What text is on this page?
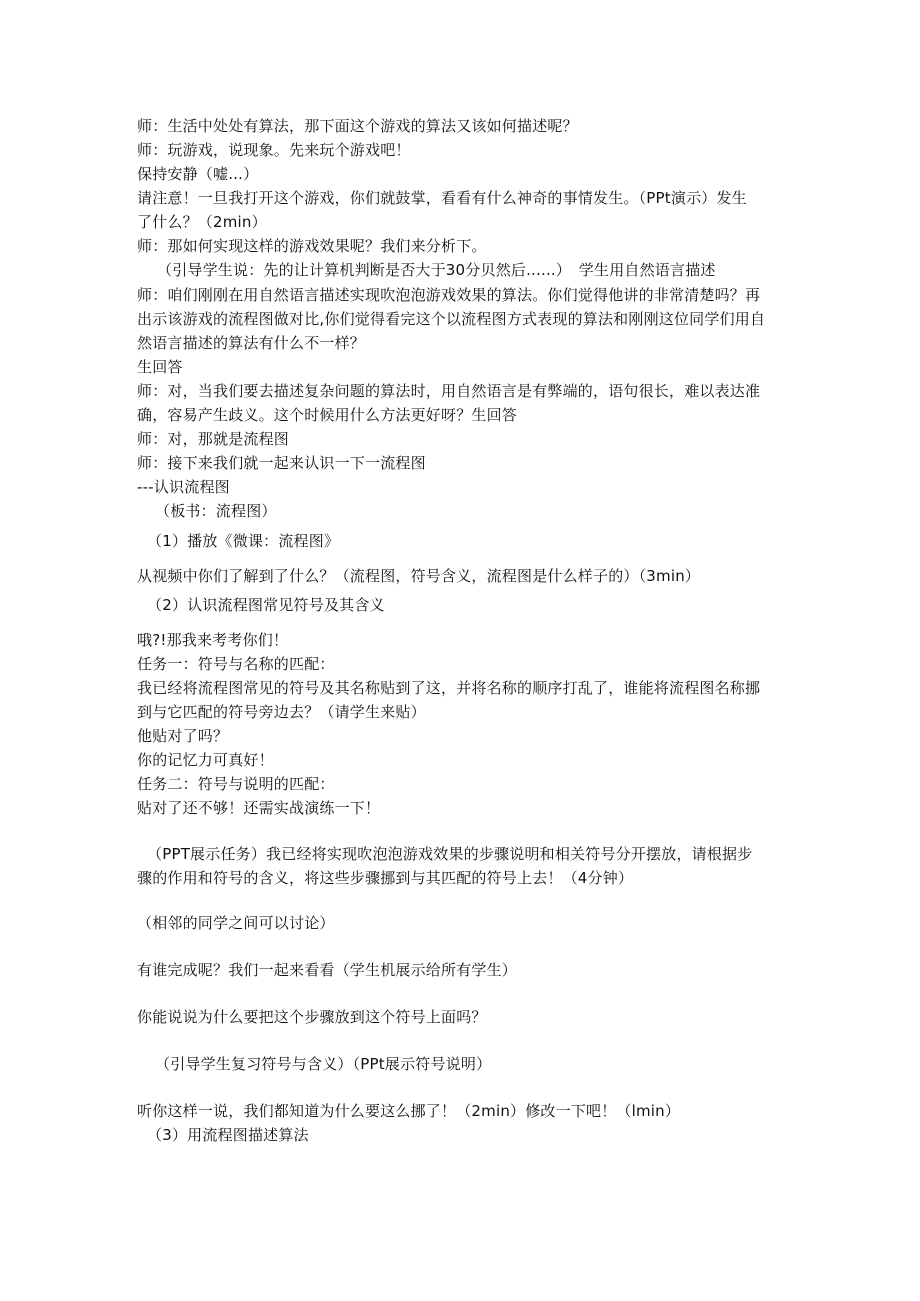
师：生活中处处有算法，那下面这个游戏的算法又该如何描述呢？
师：玩游戏，说现象。先来玩个游戏吧！
保持安静（嘘...）
请注意！一旦我打开这个游戏，你们就鼓掌，看看有什么神奇的事情发生。（PPt演示）发生
了什么？（2min）
师：那如何实现这样的游戏效果呢？我们来分析下。
（引导学生说：先的让计算机判断是否大于30分贝然后......）　学生用自然语言描述
师：咱们刚刚在用自然语言描述实现吹泡泡游戏效果的算法。你们觉得他讲的非常清楚吗？再
出示该游戏的流程图做对比,你们觉得看完这个以流程图方式表现的算法和刚刚这位同学们用自
然语言描述的算法有什么不一样？
生回答
师：对，当我们要去描述复杂问题的算法时，用自然语言是有弊端的，语句很长，难以表达准
确，容易产生歧义。这个时候用什么方法更好呀？生回答
师：对，那就是流程图
师：接下来我们就一起来认识一下一流程图
---认识流程图
（板书：流程图）
（1）播放《微课：流程图》
从视频中你们了解到了什么？（流程图，符号含义，流程图是什么样子的）（3min）
（2）认识流程图常见符号及其含义
哦?!那我来考考你们！
任务一：符号与名称的匹配：
我已经将流程图常见的符号及其名称贴到了这，并将名称的顺序打乱了，谁能将流程图名称挪
到与它匹配的符号旁边去？（请学生来贴）
他贴对了吗？
你的记忆力可真好！
任务二：符号与说明的匹配：
贴对了还不够！还需实战演练一下！
（PPT展示任务）我已经将实现吹泡泡游戏效果的步骤说明和相关符号分开摆放，请根据步
骤的作用和符号的含义，将这些步骤挪到与其匹配的符号上去！（4分钟）
（相邻的同学之间可以讨论）
有谁完成呢？我们一起来看看（学生机展示给所有学生）
你能说说为什么要把这个步骤放到这个符号上面吗？
（引导学生复习符号与含义）（PPt展示符号说明）
听你这样一说，我们都知道为什么要这么挪了！（2min）修改一下吧！（lmin）
（3）用流程图描述算法
